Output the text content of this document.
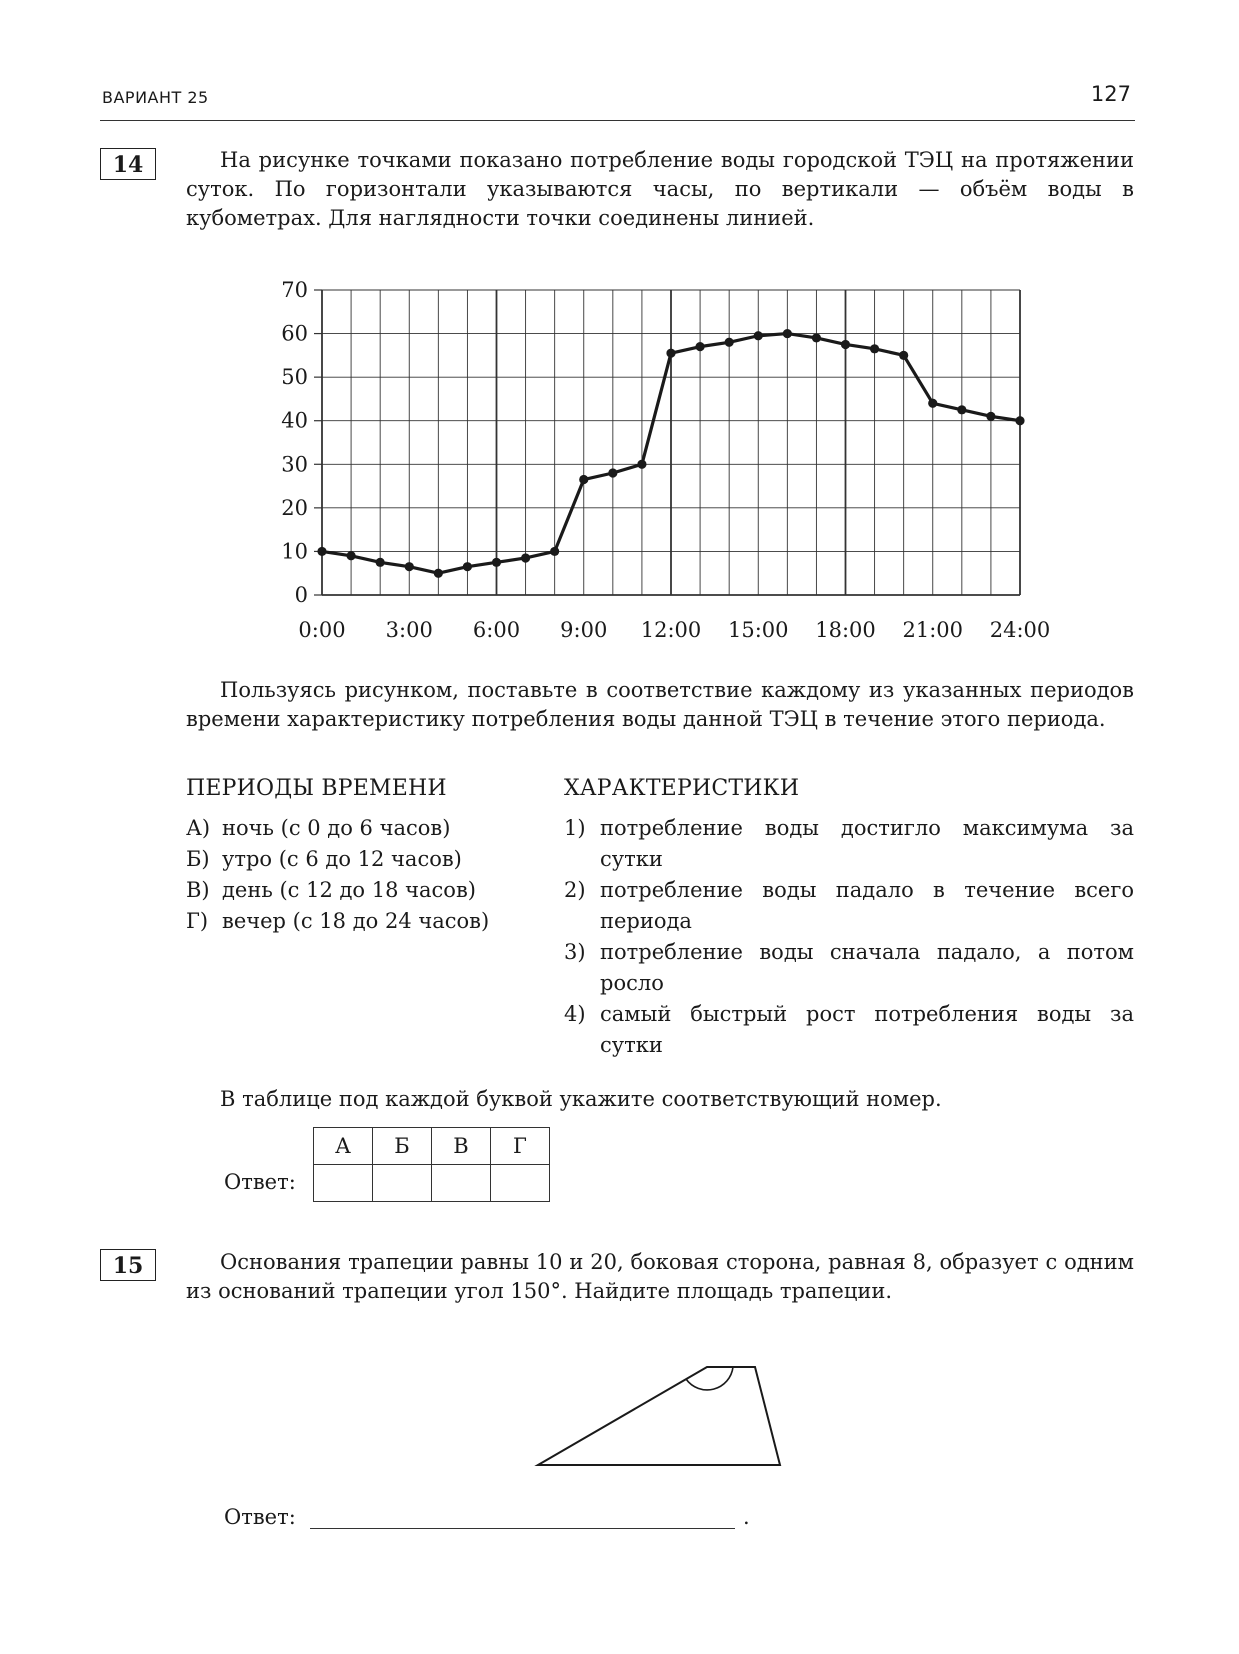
ВАРИАНТ 25	127
14	На рисунке точками показано потребление воды городской ТЭЦ на протяжении суток. По горизонтали указываются часы, по вертикали — объём воды в кубометрах. Для наглядности точки соединены линией.

0
10
20
30
40
50
60
70
0:00 3:00 6:00 9:00 12:00 15:00 18:00 21:00 24:00

Пользуясь рисунком, поставьте в соответствие каждому из указанных периодов времени характеристику потребления воды данной ТЭЦ в течение этого периода.

ПЕРИОДЫ ВРЕМЕНИ	ХАРАКТЕРИСТИКИ
А) ночь (с 0 до 6 часов)
Б) утро (с 6 до 12 часов)
В) день (с 12 до 18 часов)
Г) вечер (с 18 до 24 часов)
1) потребление воды достигло максимума за сутки
2) потребление воды падало в течение всего периода
3) потребление воды сначала падало, а потом росло
4) самый быстрый рост потребления воды за сутки

В таблице под каждой буквой укажите соответствующий номер.

Ответ:
А	Б	В	Г

15	Основания трапеции равны 10 и 20, боковая сторона, равная 8, образует с одним из оснований трапеции угол 150°. Найдите площадь трапеции.

Ответ:	.
